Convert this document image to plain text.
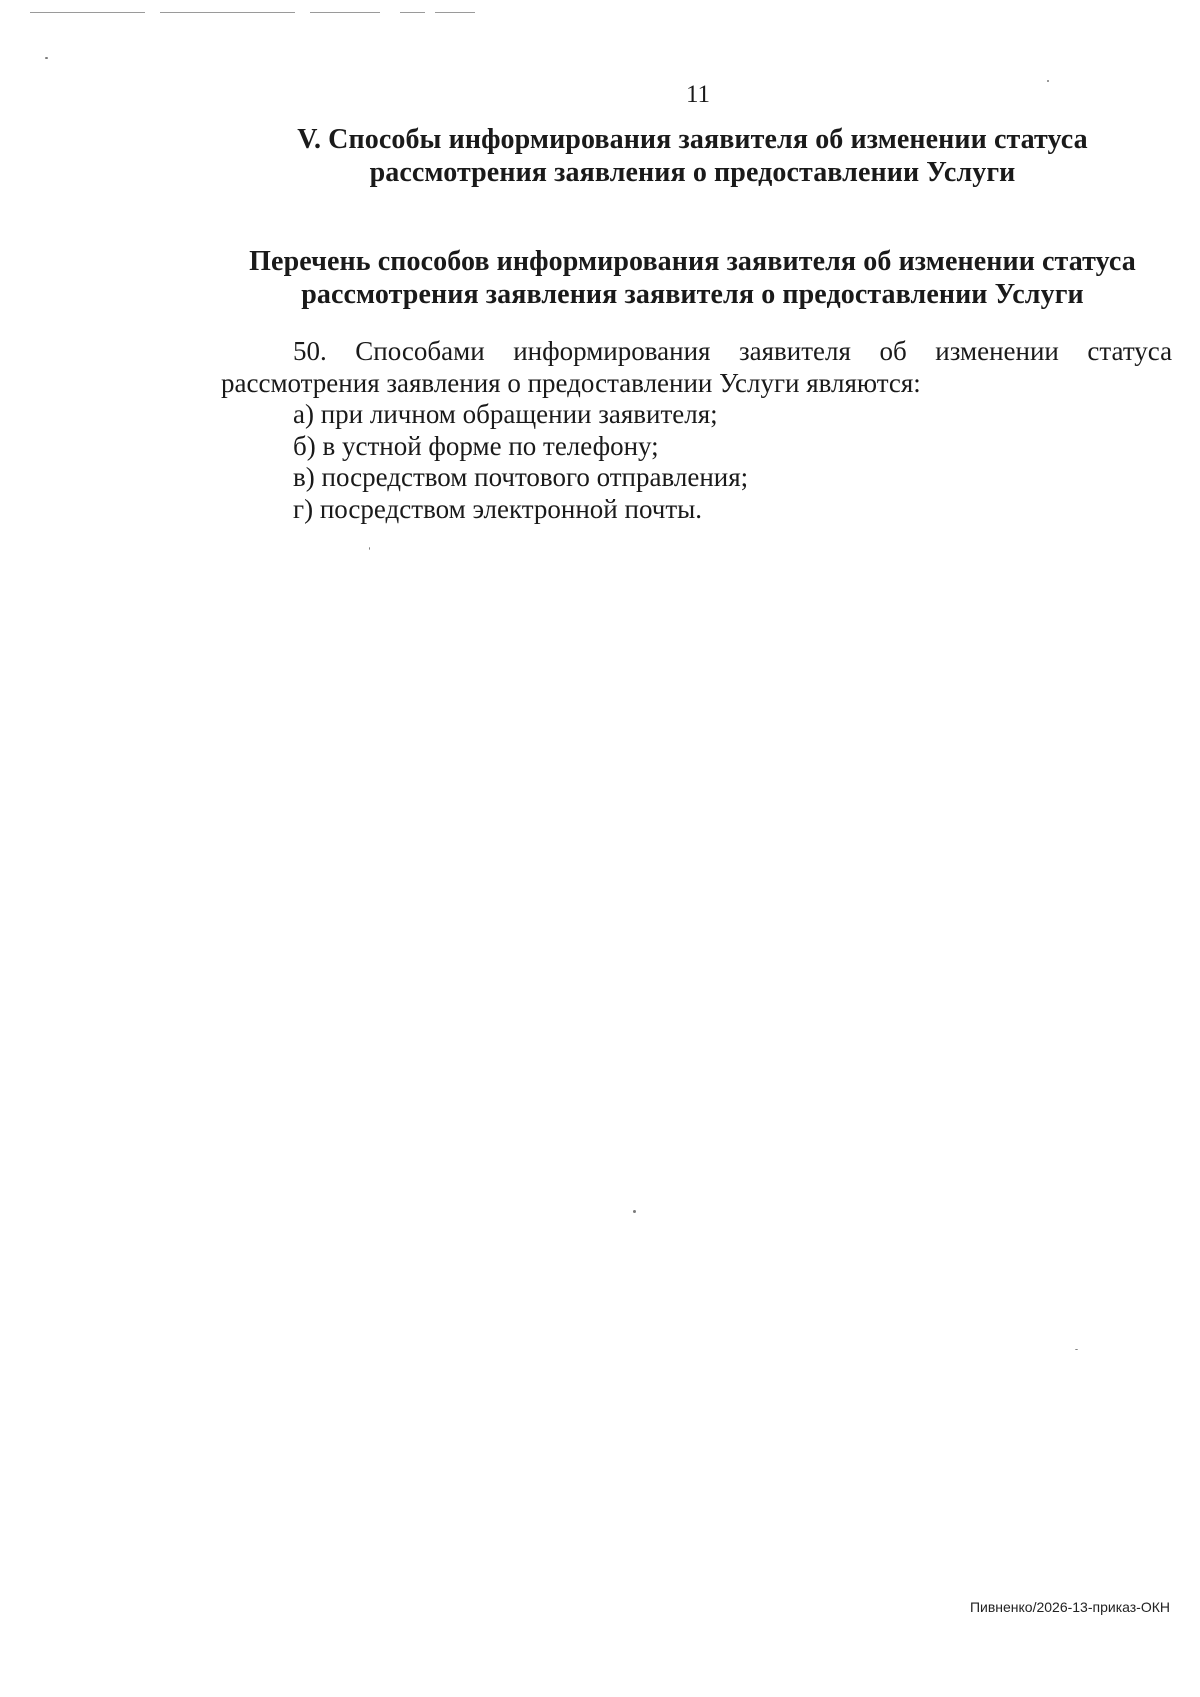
11
V. Способы информирования заявителя об изменении статуса
рассмотрения заявления о предоставлении Услуги
Перечень способов информирования заявителя об изменении статуса
рассмотрения заявления заявителя о предоставлении Услуги
50. Способами информирования заявителя об изменении статуса
рассмотрения заявления о предоставлении Услуги являются:
а) при личном обращении заявителя;
б) в устной форме по телефону;
в) посредством почтового отправления;
г) посредством электронной почты.
Пивненко/2026-13-приказ-ОКН
